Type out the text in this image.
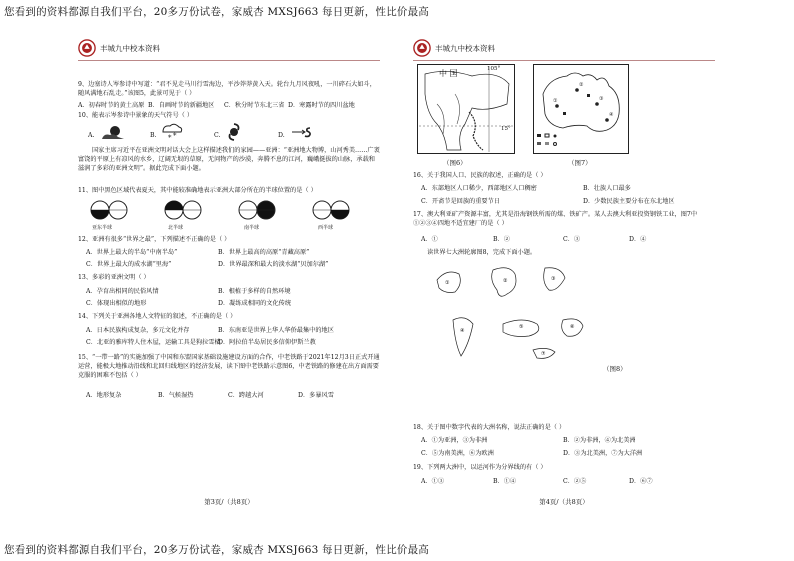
您看到的资料都源自我们平台，20多万份试卷，家威杏 MXSJ663 每日更新，性比价最高
丰城九中校本资料
9、边塞诗人岑参诗中写道：“君不见走马川行雪海边，平沙莽莽黄入天。轮台九月风夜吼，一川碎石大如斗，随风满地石乱走。”该图5，此景可见于（ ）
A．初春时节的黄土高原 B．自画时节的新疆地区 C．秋分时节东北三省 D．寒露时节的四川盆地
10、能表示岑参诗中景象的天气符号（ ）
A.	B. * *	C.	D.
国家主席习近平在亚洲文明对话大会上这样描述我们的家园——亚洲：“亚洲地大物博，山河秀美……广袤富饶的平原上有凉风的水乡，辽阔无垠的草原，无问物产的沙漠，奔腾不息的江河，巍峨挺拔的山脉，承载和滋润了多彩的亚洲文明”。据此完成下面小题。
11、图中黑色区域代表夏天，其中能较准确地表示亚洲大部分所在的半球位置的是（ ）
亚东半球	北半球	南半球	西半球
12、亚洲有很多“世界之最”，下列描述不正确的是（ ）
A．世界上最大的半岛“中南半岛”	B．世界上最高的高原“青藏高原”
C．世界上最大的成水湖“里海”	D．世界最深和最大的淡水湖“贝加尔湖”
13、多彩的亚洲文明（ ）
A．孕育出相同的民俗风情	B．根植于多样的自然环境
C．体现出相似的地形	D．凝练成相同的文化传统
14、下列关于亚洲各地人文特征的叙述，不正确的是（ ）
A．日本民族构成复杂，多元文化并存	B．东南亚是世界上华人华侨最集中的地区
C．北亚的雅库特人住木屋，运输工具是狗拉雪橇
D．阿拉伯半岛居民多信仰伊斯兰教
15、“一带一路”的实施加强了中国和东盟国家基础设施建设方面的合作，中老铁路于2021年12月3日正式开通运营，能极大地推动沿线和北回归线地区的经济发展，读下图中老铁路示意图6，中老铁路的修建在出方面需要克服的困难不包括（ ）
A．地形复杂	B．气候湿热	C．跨越大河	D．多暴风雪
第3页/（共8页）
丰城九中校本资料
中 国	105°
15°
①
②
③
④
（图6）	（图7）
16、关于我国人口、民族的叙述，正确的是（ ）
A．东部地区人口稀少，西部地区人口稠密	B．壮族人口最多
C．开斋节是回族的重要节日	D．少数民族主要分布在东北地区
17、澳大利亚矿产资源丰富，尤其是沿海钢铁所需的煤、铁矿产。某人去澳大利亚投资钢铁工业，图7中①②③④四地不适宜建厂的是（ ）
A．①	B．②	C．③	D．④
读世界七大洲轮廓图8，完成下面小题。
①	②	③
④
⑤	⑥
⑦
（图8）
18、关于图中数字代表的大洲名称，说法正确的是（ ）
A．①为亚洲，③为非洲	B．②为非洲，④为北美洲
C．⑤为南美洲，⑥为欧洲	D．③为北美洲，⑦为大洋洲
19、下列两大洲中，以运河作为分界线的有（ ）
A．①③	B．①④	C．②⑤	D．⑥⑦
第4页/（共8页）
您看到的资料都源自我们平台，20多万份试卷，家威杏 MXSJ663 每日更新，性比价最高
